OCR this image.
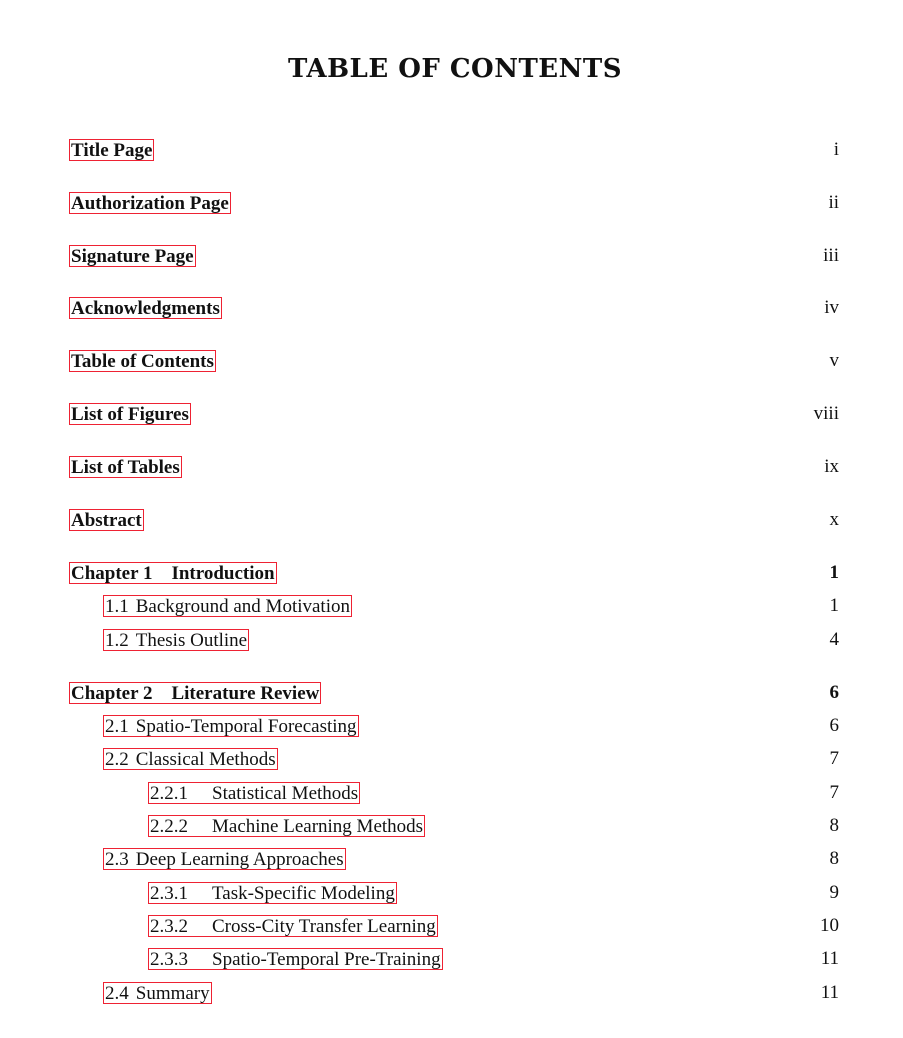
TABLE OF CONTENTS
Title Page	i
Authorization Page	ii
Signature Page	iii
Acknowledgments	iv
Table of Contents	v
List of Figures	viii
List of Tables	ix
Abstract	x
Chapter 1 Introduction	1
1.1 Background and Motivation	1
1.2 Thesis Outline	4
Chapter 2 Literature Review	6
2.1 Spatio-Temporal Forecasting	6
2.2 Classical Methods	7
2.2.1 Statistical Methods	7
2.2.2 Machine Learning Methods	8
2.3 Deep Learning Approaches	8
2.3.1 Task-Specific Modeling	9
2.3.2 Cross-City Transfer Learning	10
2.3.3 Spatio-Temporal Pre-Training	11
2.4 Summary	11
